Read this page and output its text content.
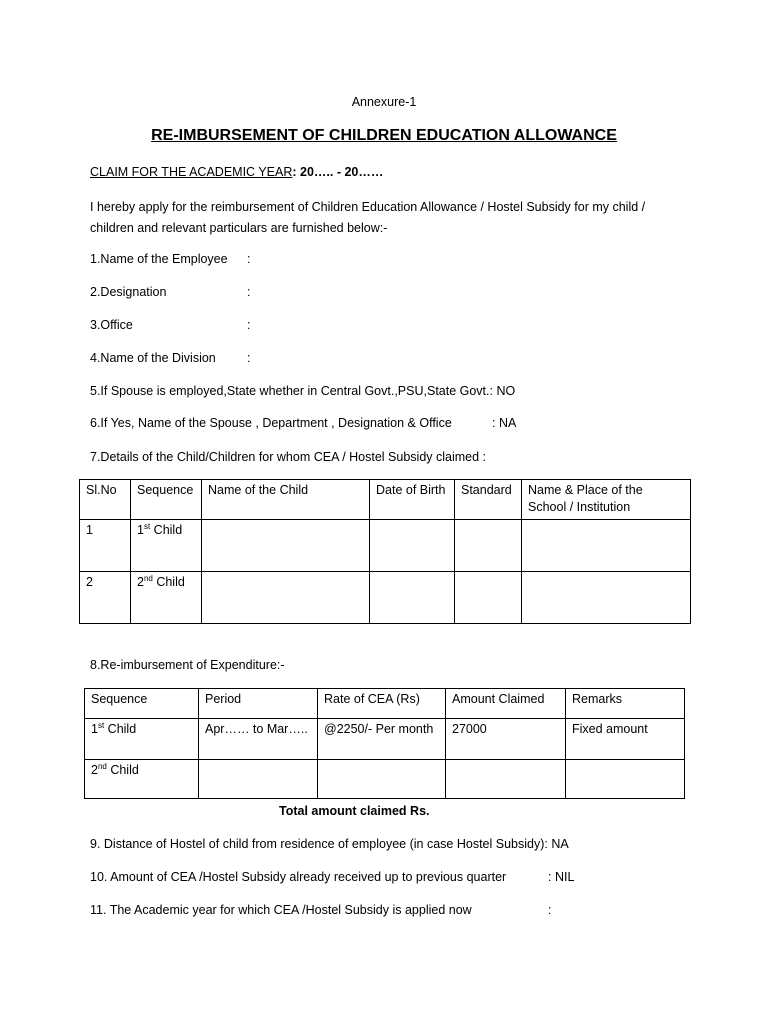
Annexure-1
RE-IMBURSEMENT OF CHILDREN EDUCATION ALLOWANCE
CLAIM FOR THE ACADEMIC YEAR: 20….. - 20……
I hereby apply for the reimbursement of Children Education Allowance / Hostel Subsidy for my child / children and relevant particulars are furnished below:-
1.Name of the Employee :
2.Designation	:
3.Office	:
4.Name of the Division :
5.If Spouse is employed,State whether in Central Govt.,PSU,State Govt.: NO
6.If Yes, Name of the Spouse , Department , Designation & Office	: NA
7.Details of the Child/Children for whom CEA / Hostel Subsidy claimed :
Sl.No	Sequence	Name of the Child	Date of Birth	Standard	Name & Place of the School / Institution
1	1st Child				
2	2nd Child				
8.Re-imbursement of Expenditure:-
Sequence	Period	Rate of CEA (Rs)	Amount Claimed	Remarks
1st Child	Apr…… to Mar…..	@2250/- Per month	27000	Fixed amount
2nd Child				
Total amount claimed Rs.
9. Distance of Hostel of child from residence of employee (in case Hostel Subsidy): NA
10. Amount of CEA /Hostel Subsidy already received up to previous quarter	: NIL
11. The Academic year for which CEA /Hostel Subsidy is applied now	:
